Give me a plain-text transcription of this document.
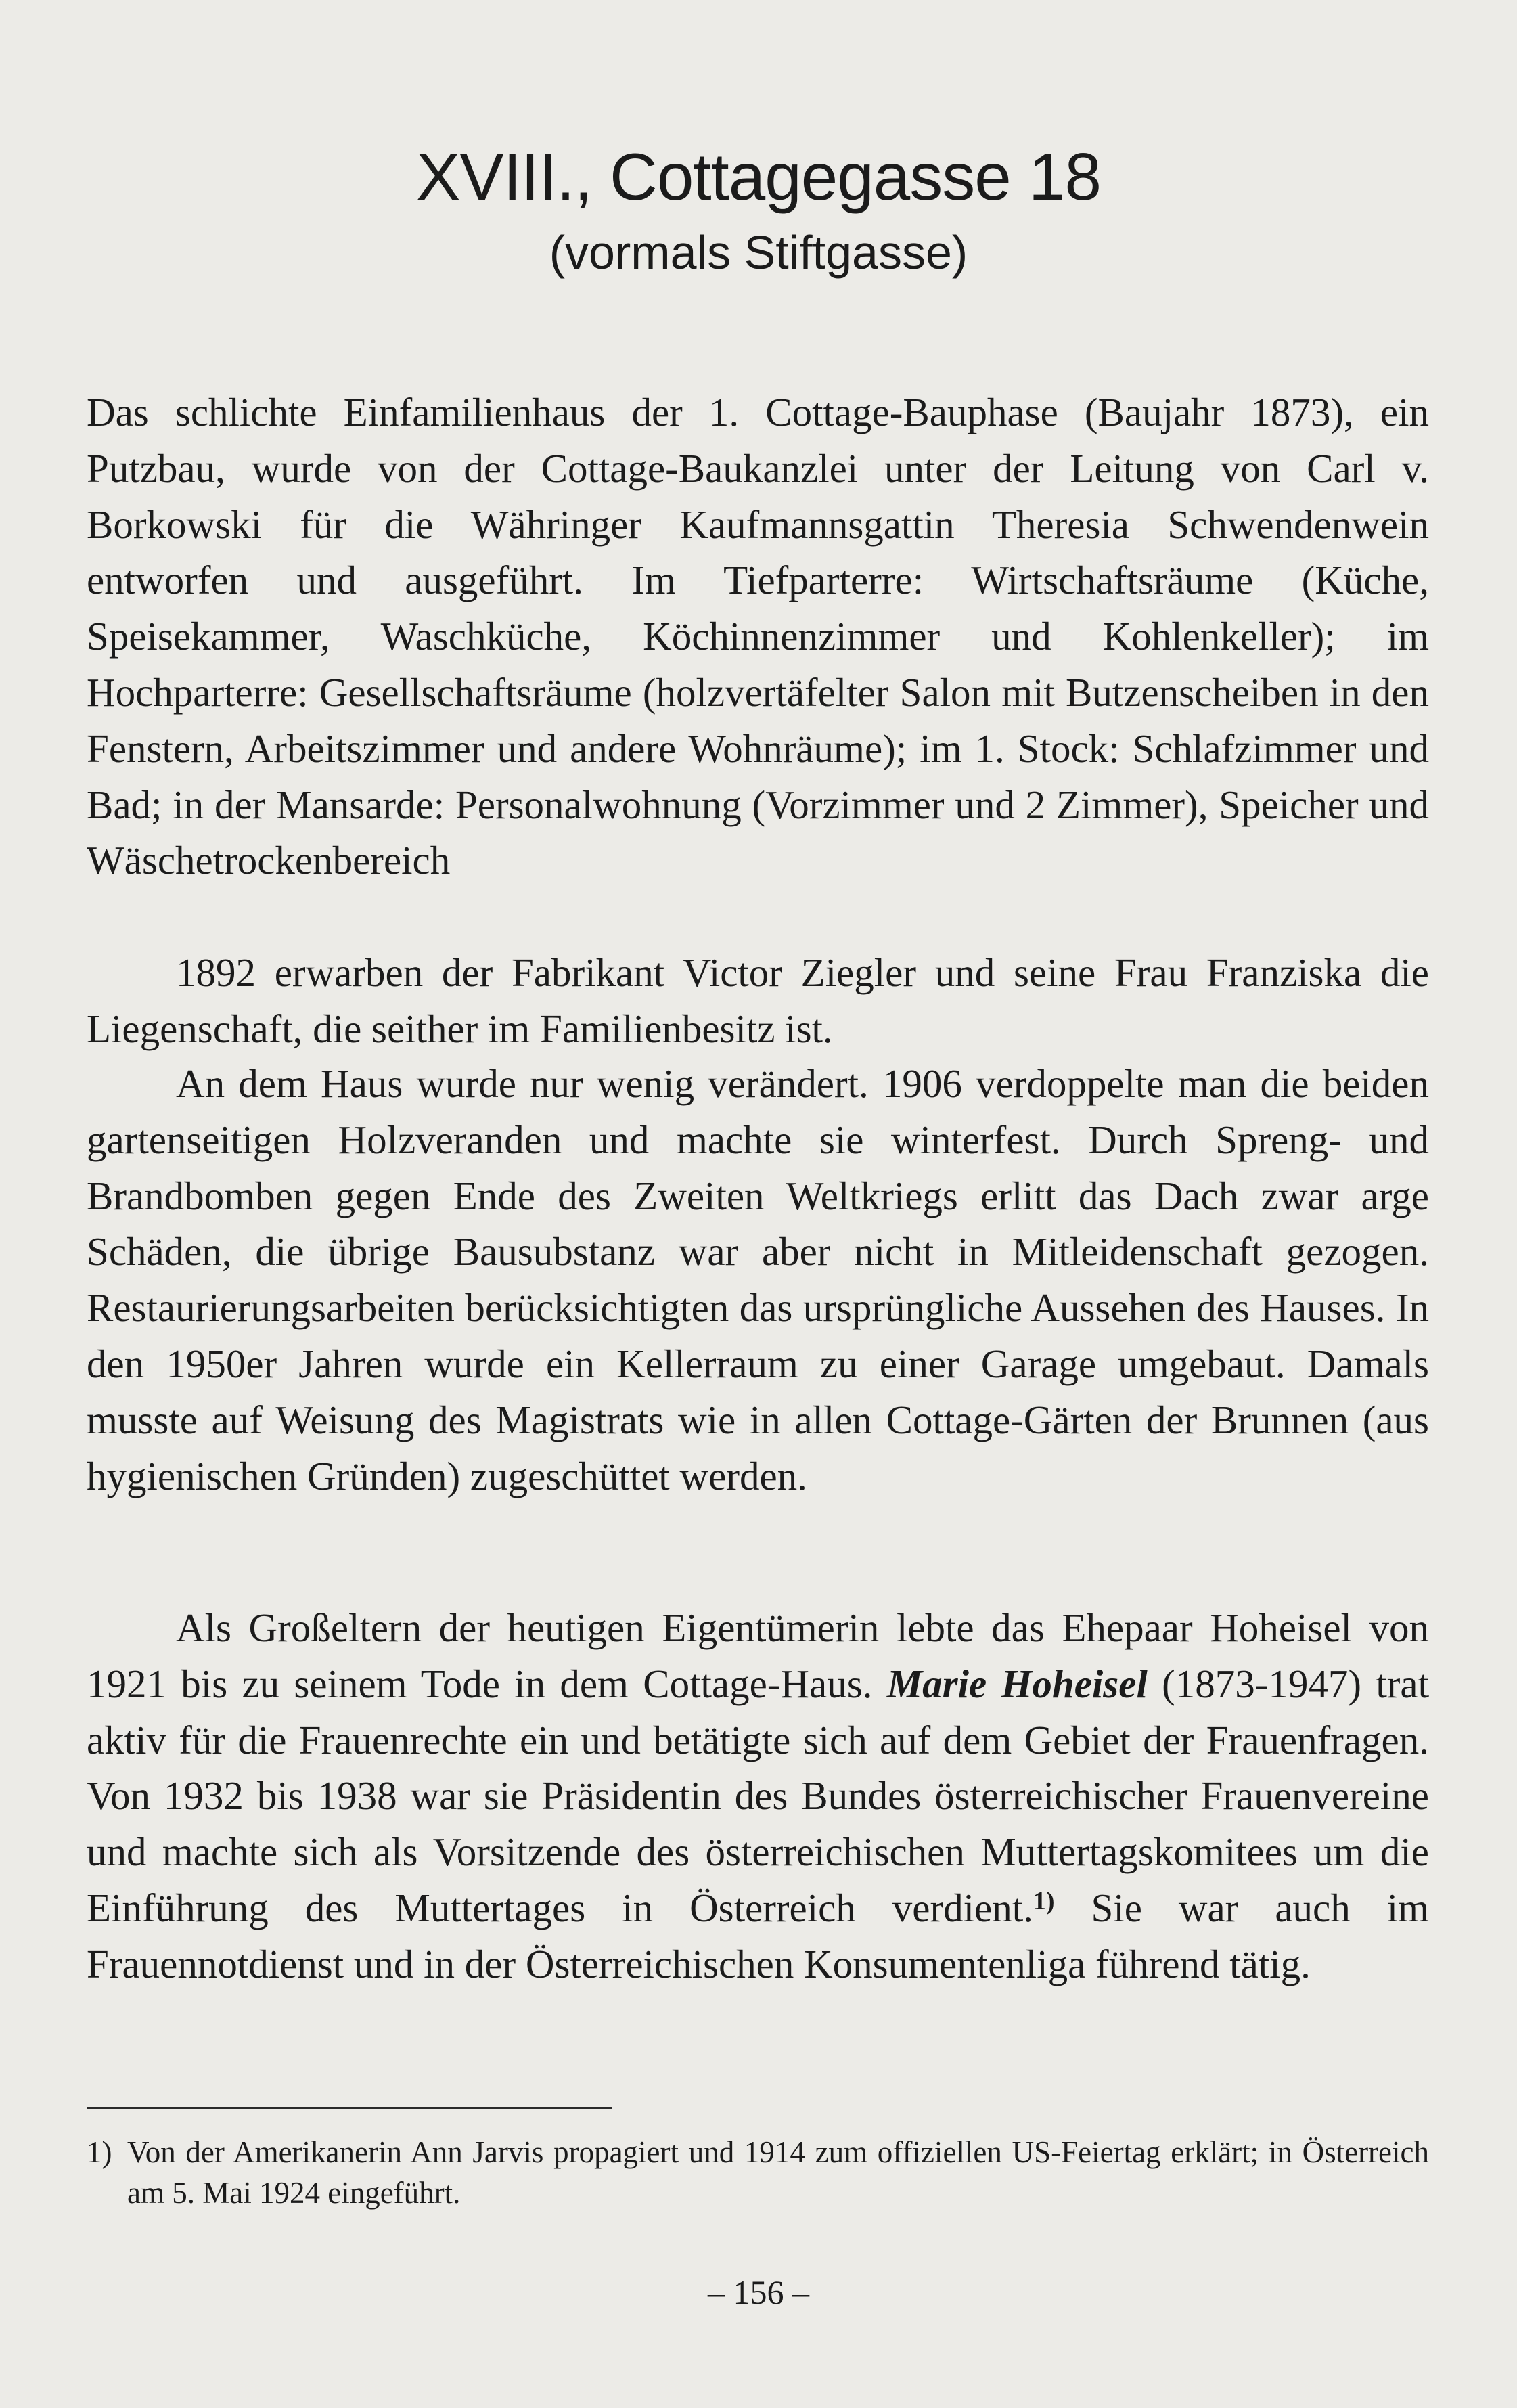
XVIII., Cottagegasse 18
(vormals Stiftgasse)

Das schlichte Einfamilienhaus der 1. Cottage-Bauphase (Baujahr 1873), ein Putzbau, wurde von der Cottage-Baukanzlei unter der Leitung von Carl v. Borkowski für die Währinger Kaufmannsgattin Theresia Schwendenwein entworfen und ausgeführt. Im Tiefparterre: Wirtschaftsräume (Küche, Speisekammer, Waschküche, Köchinnenzimmer und Kohlenkeller); im Hochparterre: Gesellschaftsräume (holzvertäfelter Salon mit Butzenscheiben in den Fenstern, Arbeitszimmer und andere Wohnräume); im 1. Stock: Schlafzimmer und Bad; in der Mansarde: Personalwohnung (Vorzimmer und 2 Zimmer), Speicher und Wäschetrockenbereich

1892 erwarben der Fabrikant Victor Ziegler und seine Frau Franziska die Liegenschaft, die seither im Familienbesitz ist.

An dem Haus wurde nur wenig verändert. 1906 verdoppelte man die beiden gartenseitigen Holzveranden und machte sie winterfest. Durch Spreng- und Brandbomben gegen Ende des Zweiten Weltkriegs erlitt das Dach zwar arge Schäden, die übrige Bausubstanz war aber nicht in Mitleidenschaft gezogen. Restaurierungsarbeiten berücksichtigten das ursprüngliche Aussehen des Hauses. In den 1950er Jahren wurde ein Kellerraum zu einer Garage umgebaut. Damals musste auf Weisung des Magistrats wie in allen Cottage-Gärten der Brunnen (aus hygienischen Gründen) zugeschüttet werden.

Als Großeltern der heutigen Eigentümerin lebte das Ehepaar Hoheisel von 1921 bis zu seinem Tode in dem Cottage-Haus. Marie Hoheisel (1873-1947) trat aktiv für die Frauenrechte ein und betätigte sich auf dem Gebiet der Frauenfragen. Von 1932 bis 1938 war sie Präsidentin des Bundes österreichischer Frauenvereine und machte sich als Vorsitzende des österreichischen Muttertagskomitees um die Einführung des Muttertages in Österreich verdient.$^{1)}$ Sie war auch im Frauennotdienst und in der Österreichischen Konsumentenliga führend tätig.

1) Von der Amerikanerin Ann Jarvis propagiert und 1914 zum offiziellen US-Feiertag erklärt; in Österreich am 5. Mai 1924 eingeführt.
– 156 –
